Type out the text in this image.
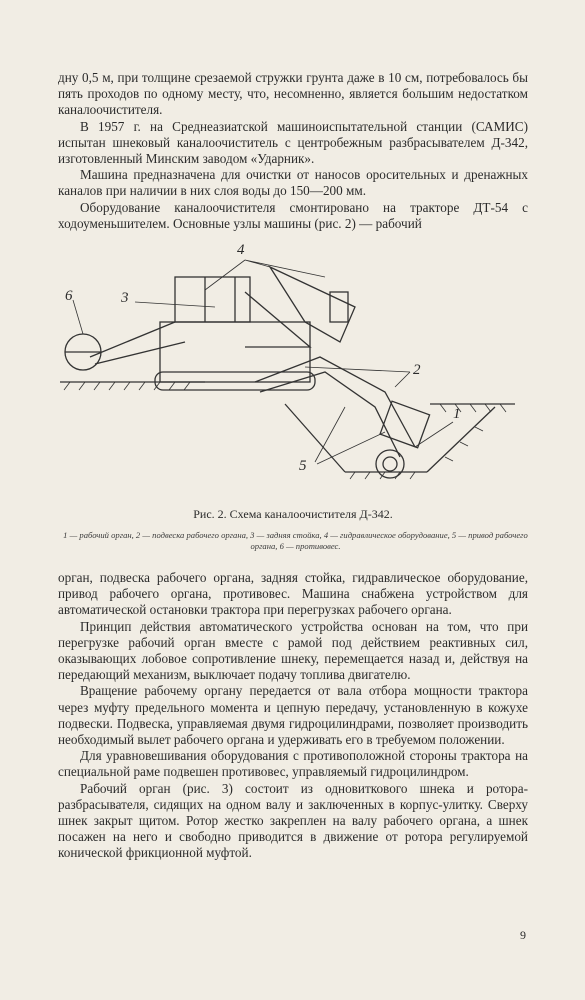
дну 0,5 м, при толщине срезаемой стружки грунта даже в 10 см, потребовалось бы пять проходов по одному месту, что, несомненно, является большим недостатком каналоочистителя.

В 1957 г. на Среднеазиатской машиноиспытательной станции (САМИС) испытан шнековый каналоочиститель с центробежным разбрасывателем Д-342, изготовленный Минским заводом «Ударник».

Машина предназначена для очистки от наносов оросительных и дренажных каналов при наличии в них слоя воды до 150—200 мм.

Оборудование каналоочистителя смонтировано на тракторе ДТ-54 с ходоуменьшителем. Основные узлы машины (рис. 2) — рабочий

1
2
3
4
5
6
Рис. 2. Схема каналоочистителя Д-342.
1 — рабочий орган, 2 — подвеска рабочего органа, 3 — задняя стойка, 4 — гидравлическое оборудование, 5 — привод рабочего органа, 6 — противовес.

орган, подвеска рабочего органа, задняя стойка, гидравлическое оборудование, привод рабочего органа, противовес. Машина снабжена устройством для автоматической остановки трактора при перегрузках рабочего органа.

Принцип действия автоматического устройства основан на том, что при перегрузке рабочий орган вместе с рамой под действием реактивных сил, оказывающих лобовое сопротивление шнеку, перемещается назад и, действуя на передающий механизм, выключает подачу топлива двигателю.

Вращение рабочему органу передается от вала отбора мощности трактора через муфту предельного момента и цепную передачу, установленную в кожухе подвески. Подвеска, управляемая двумя гидроцилиндрами, позволяет производить необходимый вылет рабочего органа и удерживать его в требуемом положении.

Для уравновешивания оборудования с противоположной стороны трактора на специальной раме подвешен противовес, управляемый гидроцилиндром.

Рабочий орган (рис. 3) состоит из одновиткового шнека и ротора-разбрасывателя, сидящих на одном валу и заключенных в корпус-улитку. Сверху шнек закрыт щитом. Ротор жестко закреплен на валу рабочего органа, а шнек посажен на него и свободно приводится в движение от ротора регулируемой конической фрикционной муфтой.

9
